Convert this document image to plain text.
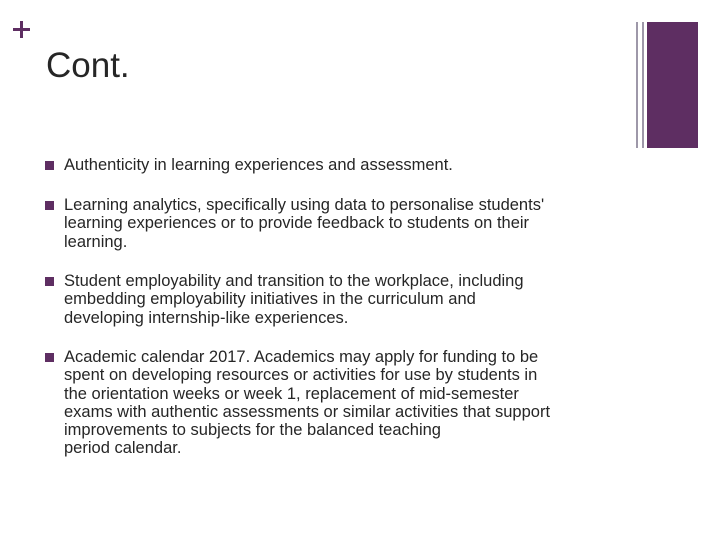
Cont.
Authenticity in learning experiences and assessment.
Learning analytics, specifically using data to personalise students'
learning experiences or to provide feedback to students on their
learning.
Student employability and transition to the workplace, including
embedding employability initiatives in the curriculum and
developing internship-like experiences.
Academic calendar 2017. Academics may apply for funding to be
spent on developing resources or activities for use by students in
the orientation weeks or week 1, replacement of mid-semester
exams with authentic assessments or similar activities that support
improvements to subjects for the balanced teaching
period calendar.
